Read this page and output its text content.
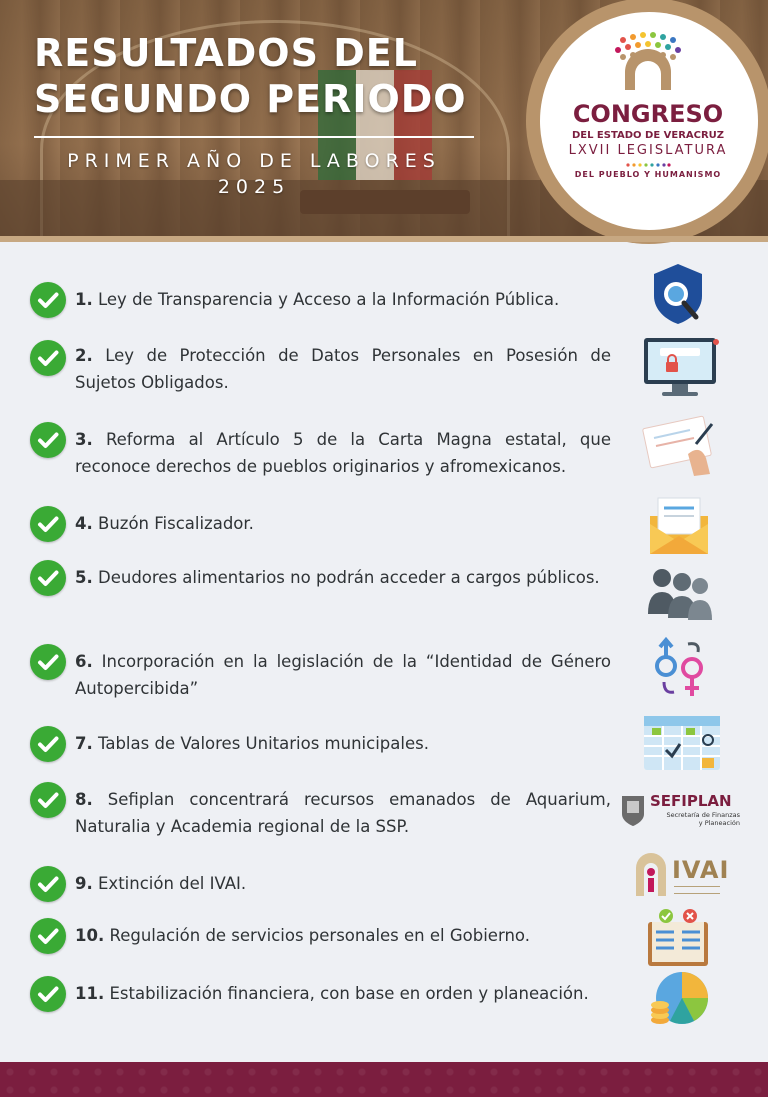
RESULTADOS DEL
SEGUNDO PERIODO
PRIMER AÑO DE LABORES
2025
CONGRESO
DEL ESTADO DE VERACRUZ
LXVII LEGISLATURA
DEL PUEBLO Y HUMANISMO
1. Ley de Transparencia y Acceso a la Información Pública.
2. Ley de Protección de Datos Personales en Posesión de Sujetos Obligados.
3. Reforma al Artículo 5 de la Carta Magna estatal, que reconoce derechos de pueblos originarios y afromexicanos.
4. Buzón Fiscalizador.
5. Deudores alimentarios no podrán acceder a cargos públicos.
6. Incorporación en la legislación de la “Identidad de Género Autopercibida”
7. Tablas de Valores Unitarios municipales.
8. Sefiplan concentrará recursos emanados de Aquarium, Naturalia y Academia regional de la SSP.
SEFIPLAN
Secretaría de Finanzas
y Planeación
9. Extinción del IVAI.	IVAI
10. Regulación de servicios personales en el Gobierno.
11. Estabilización financiera, con base en orden y planeación.
